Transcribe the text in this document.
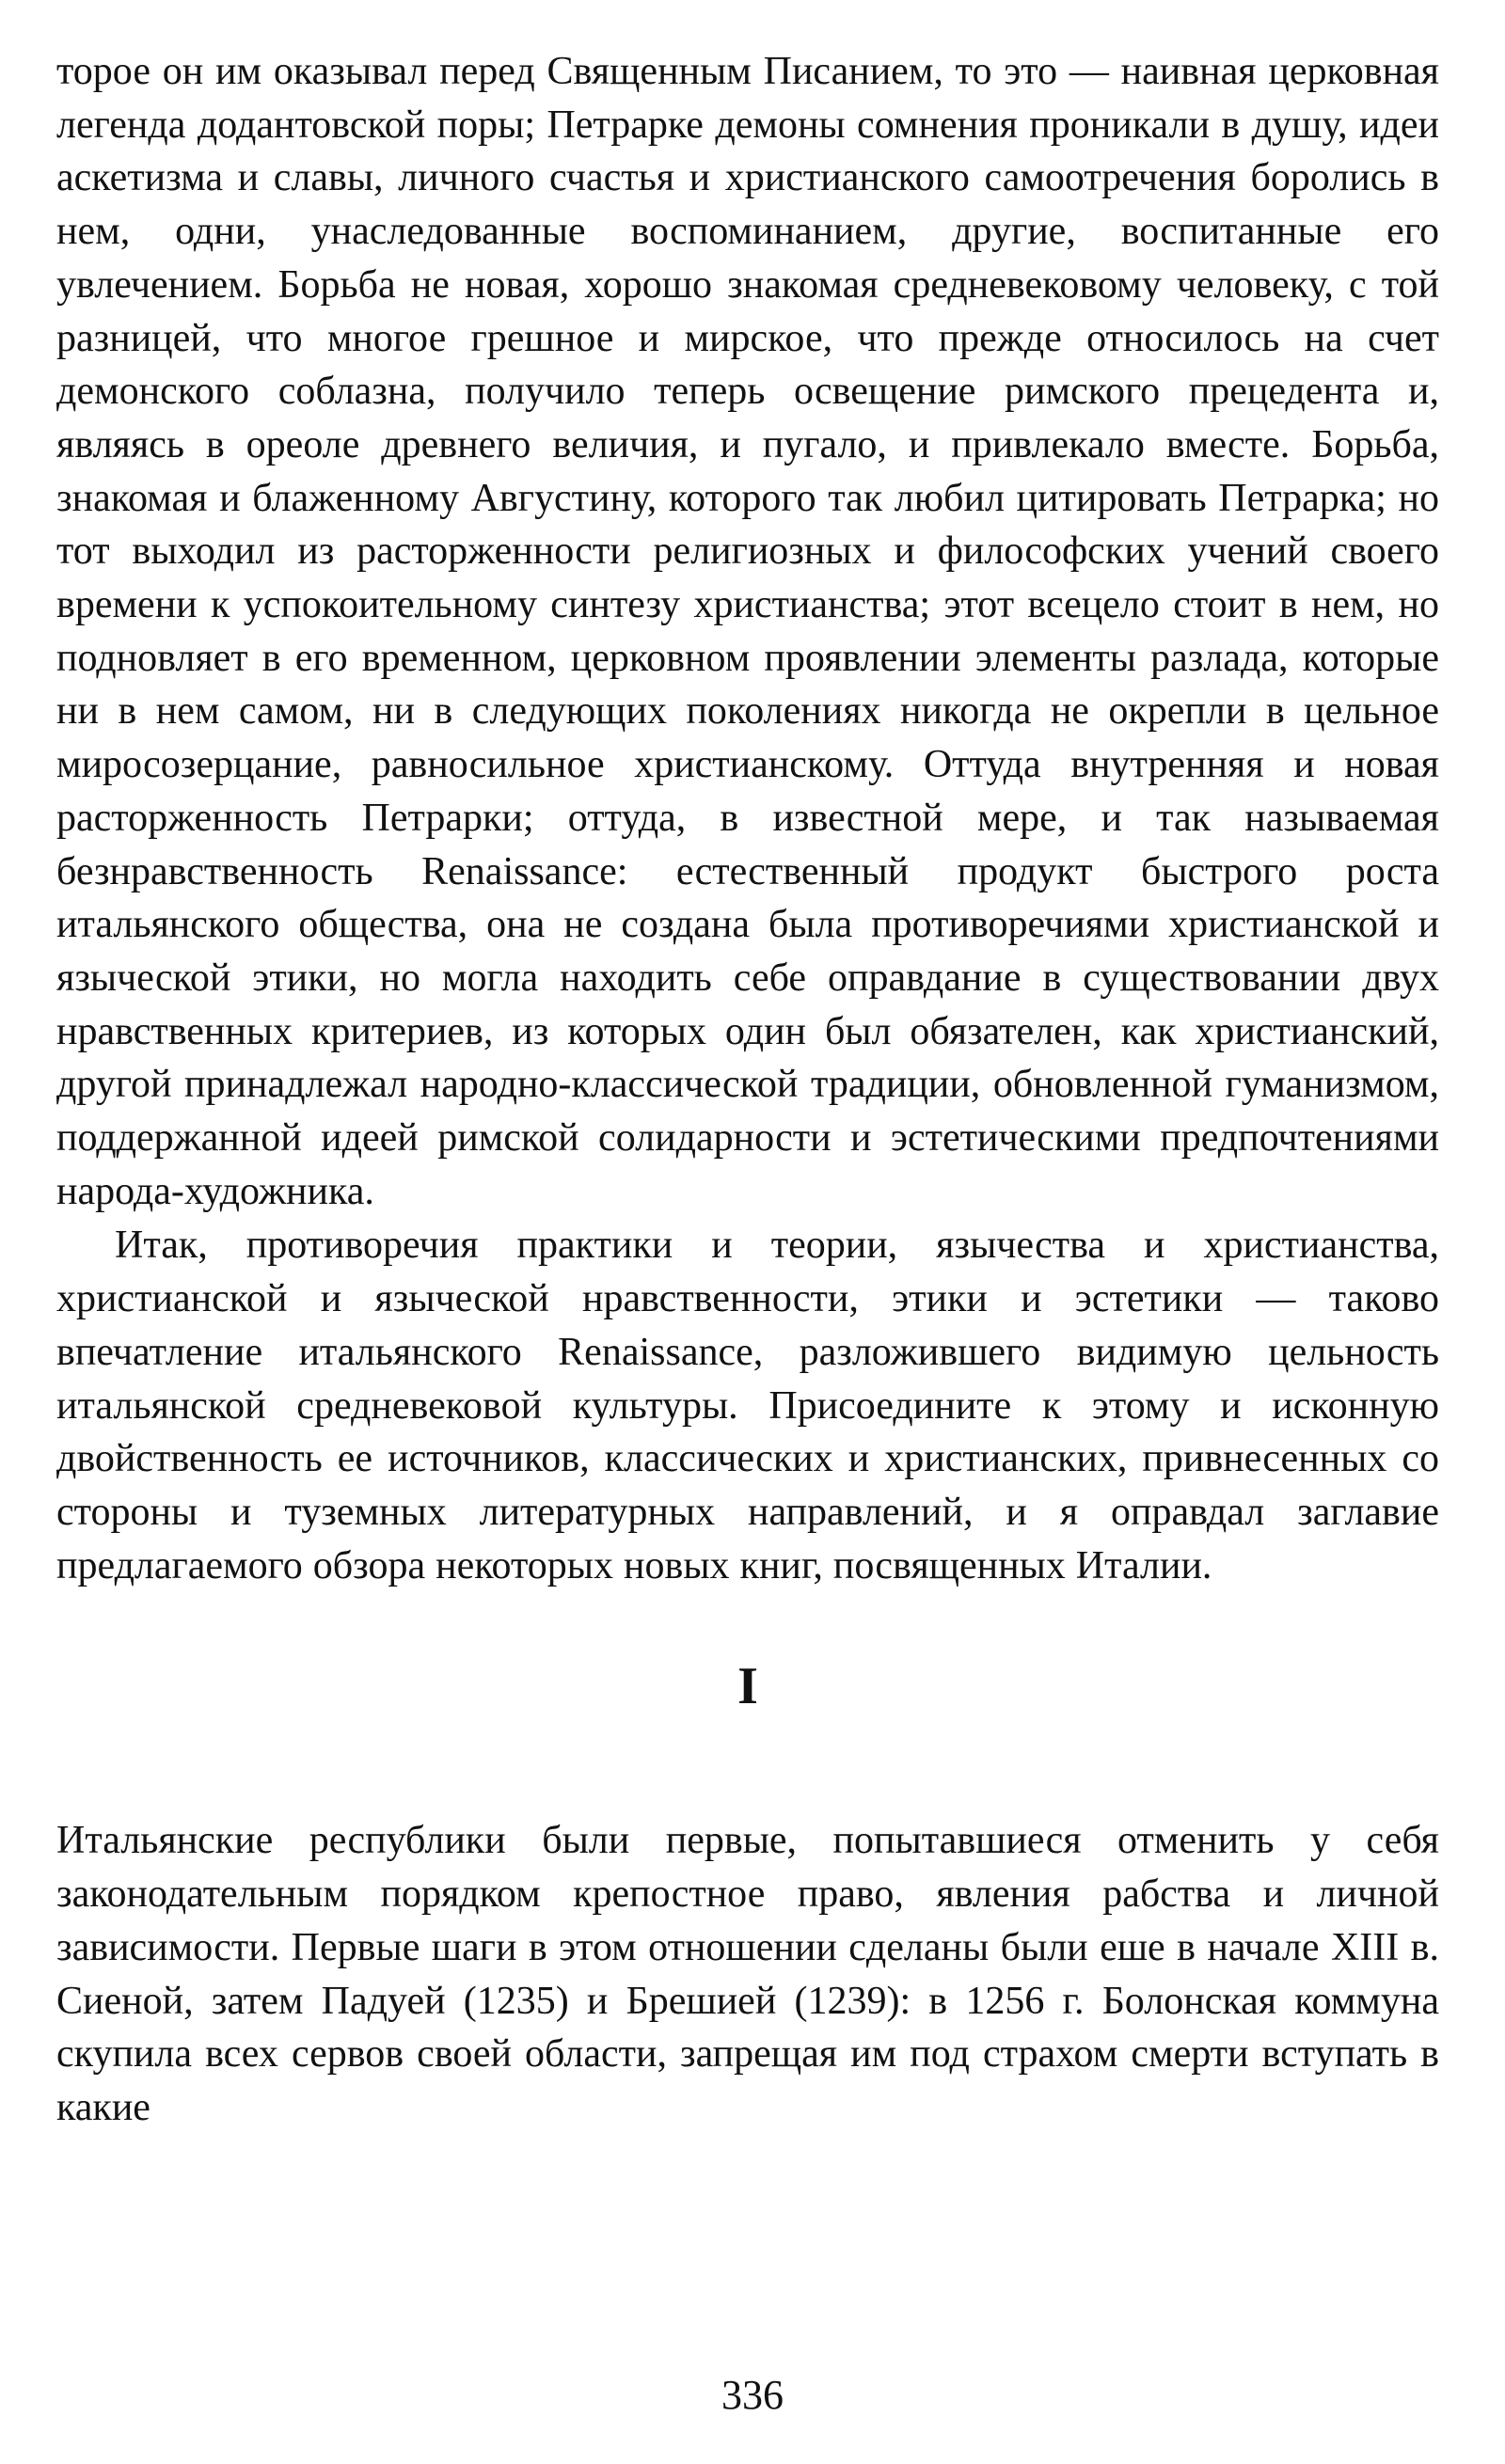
торое он им оказывал перед Священным Писанием, то это — наивная церковная легенда додантовской поры; Петрарке демоны сомнения проникали в душу, идеи аскетизма и славы, личного счастья и христианского самоотречения боролись в нем, одни, унаследованные воспоминанием, другие, воспитанные его увлечением. Борьба не новая, хорошо знакомая средневековому человеку, с той разницей, что многое грешное и мирское, что прежде относилось на счет демонского соблазна, получило теперь освещение римского прецедента и, являясь в ореоле древнего величия, и пугало, и привлекало вместе. Борьба, знакомая и блаженному Августину, которого так любил цитировать Петрарка; но тот выходил из расторженности религиозных и философских учений своего времени к успокоительному синтезу христианства; этот всецело стоит в нем, но подновляет в его временном, церковном проявлении элементы разлада, которые ни в нем самом, ни в следующих поколениях никогда не окрепли в цельное миросозерцание, равносильное христианскому. Оттуда внутренняя и новая расторженность Петрарки; оттуда, в известной мере, и так называемая безнравственность Renaissance: естественный продукт быстрого роста итальянского общества, она не создана была противоречиями христианской и языческой этики, но могла находить себе оправдание в существовании двух нравственных критериев, из которых один был обязателен, как христианский, другой принадлежал народно-классической традиции, обновленной гуманизмом, поддержанной идеей римской солидарности и эстетическими предпочтениями народа-художника.

Итак, противоречия практики и теории, язычества и христианства, христианской и языческой нравственности, этики и эстетики — таково впечатление итальянского Renaissance, разложившего видимую цельность итальянской средневековой культуры. Присоедините к этому и исконную двойственность ее источников, классических и христианских, привнесенных со стороны и туземных литературных направлений, и я оправдал заглавие предлагаемого обзора некоторых новых книг, посвященных Италии.

I

Итальянские республики были первые, попытавшиеся отменить у себя законодательным порядком крепостное право, явления рабства и личной зависимости. Первые шаги в этом отношении сделаны были еше в начале XIII в. Сиеной, затем Падуей (1235) и Брешией (1239): в 1256 г. Болонская коммуна скупила всех сервов своей области, запрещая им под страхом смерти вступать в какие

336
